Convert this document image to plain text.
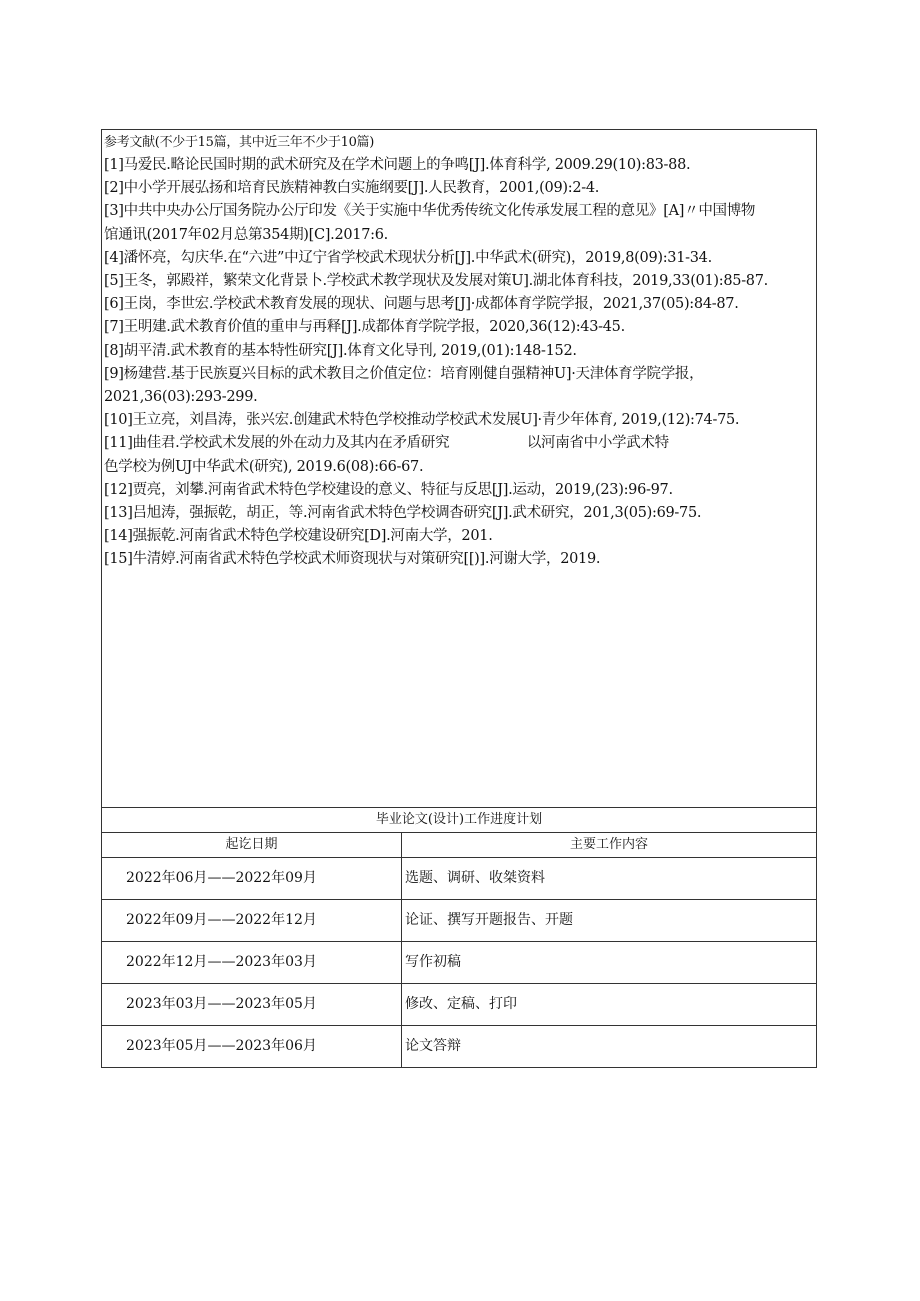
参考文献(不少于15篇，其中近三年不少于10篇)
[1]马爱民.略论民国时期的武术研究及在学术问题上的争鸣[J].体育科学, 2009.29(10):83-88.
[2]中小学开展弘扬和培育民族精神教白实施纲要[J].人民教育，2001,(09):2-4.
[3]中共中央办公厅国务院办公厅印发《关于实施中华优秀传统文化传承发展工程的意见》[A]〃中国博物
馆通讯(2017年02月总第354期)[C].2017:6.
[4]潘怀亮，勾庆华.在“六进”中辽宁省学校武术现状分析[J].中华武术(研究)，2019,8(09):31-34.
[5]王冬，郭殿祥，繁荣文化背景卜.学校武术教学现状及发展对策U].湖北体育科技，2019,33(01):85-87.
[6]王岗，李世宏.学校武术教育发展的现状、问题与思考[J]·成都体育学院学报，2021,37(05):84-87.
[7]王明建.武术教育价值的重申与再释[J].成都体育学院学报，2020,36(12):43-45.
[8]胡平清.武术教育的基本特性研究[J].体育文化导刊, 2019,(01):148-152.
[9]杨建营.基于民族夏兴目标的武术教目之价值定位：培育刚健自强精神U]·天津体育学院学报，
2021,36(03):293-299.
[10]王立亮，刘昌涛，张兴宏.创建武术特色学校推动学校武术发展U]·青少年体育, 2019,(12):74-75.
[11]曲佳君.学校武术发展的外在动力及其内在矛盾研究                  以河南省中小学武术特
色学校为例UJ中华武术(研究), 2019.6(08):66-67.
[12]贾亮，刘攀.河南省武术特色学校建设的意义、特征与反思[J].运动，2019,(23):96-97.
[13]吕旭涛，强振乾，胡正，等.河南省武术特色学校调杳研究[J].武术研究，201,3(05):69-75.
[14]强振乾.河南省武术特色学校建设研究[D].河南大学，201.
[15]牛清婷.河南省武术特色学校武术师资现状与对策研究[[)].河谢大学，2019.
毕业论文(设计)工作进度计划
起讫日期	主要工作内容
2022年06月——2022年09月	选题、调研、收桀资料
2022年09月——2022年12月	论证、撰写开题报告、开题
2022年12月——2023年03月	写作初稿
2023年03月——2023年05月	修改、定稿、打印
2023年05月——2023年06月	论文答辩
